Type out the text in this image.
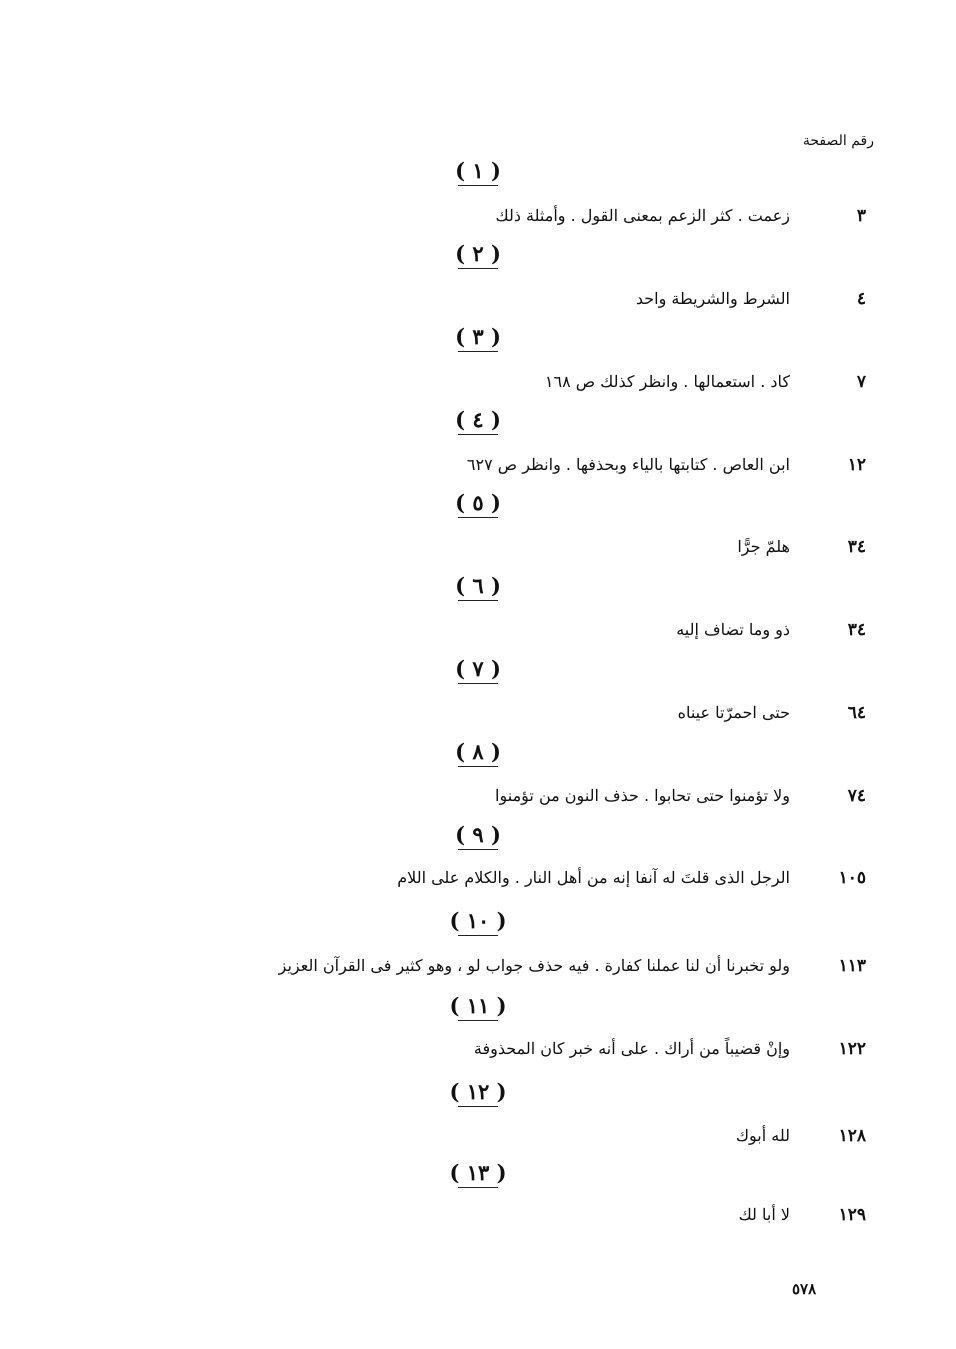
رقم الصفحة
( ١ )
٣
زعمت . كثر الزعم بمعنى القول . وأمثلة ذلك
( ٢ )
٤
الشرط والشريطة واحد
( ٣ )
٧
كاد . استعمالها . وانظر كذلك ص ١٦٨
( ٤ )
١٢
ابن العاص . كتابتها بالياء وبحذفها . وانظر ص ٦٢٧
( ٥ )
٣٤
هلمّ جرًّا
( ٦ )
٣٤
ذو وما تضاف إليه
( ٧ )
٦٤
حتى احمرّتا عيناه
( ٨ )
٧٤
ولا تؤمنوا حتى تحابوا . حذف النون من تؤمنوا
( ٩ )
١٠٥
الرجل الذى قلتَ له آنفا إنه من أهل النار . والكلام على اللام
( ١٠ )
١١٣
ولو تخبرنا أن لنا عملنا كفارة . فيه حذف جواب لو ، وهو كثير فى القرآن العزيز
( ١١ )
١٢٢
وإنْ قضيباً من أراك . على أنه خبر كان المحذوفة
( ١٢ )
١٢٨
لله أبوك
( ١٣ )
١٢٩
لا أبا لك
٥٧٨
